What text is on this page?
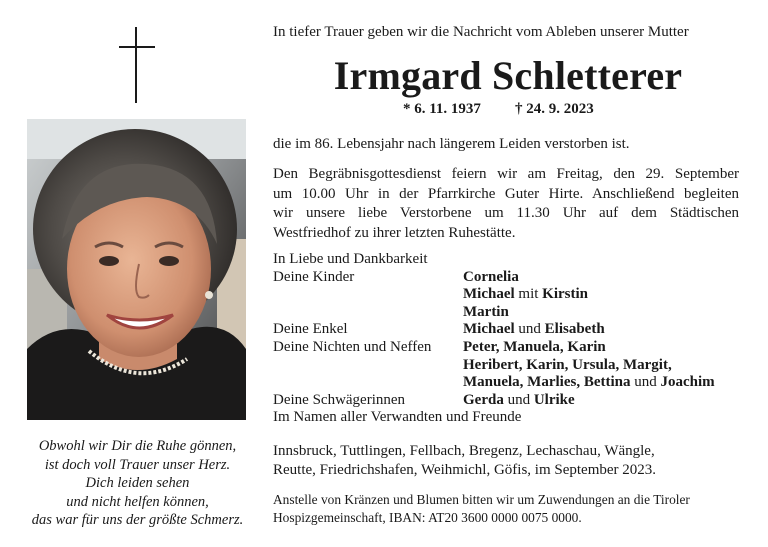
Obwohl wir Dir die Ruhe gönnen,
ist doch voll Trauer unser Herz.
Dich leiden sehen
und nicht helfen können,
das war für uns der größte Schmerz.
In tiefer Trauer geben wir die Nachricht vom Ableben unserer Mutter
Irmgard Schletterer
* 6. 11. 1937 † 24. 9. 2023
die im 86. Lebensjahr nach längerem Leiden verstorben ist.
Den Begräbnisgottesdienst feiern wir am Freitag, den 29. September
um 10.00 Uhr in der Pfarrkirche Guter Hirte. Anschließend begleiten
wir unsere liebe Verstorbene um 11.30 Uhr auf dem Städtischen
Westfriedhof zu ihrer letzten Ruhestätte.
In Liebe und Dankbarkeit
Deine Kinder	Cornelia
Michael mit Kirstin
Martin
Deine Enkel	Michael und Elisabeth
Deine Nichten und Neffen Peter, Manuela, Karin
Heribert, Karin, Ursula, Margit,
Manuela, Marlies, Bettina und Joachim
Deine Schwägerinnen	Gerda und Ulrike
Im Namen aller Verwandten und Freunde
Innsbruck, Tuttlingen, Fellbach, Bregenz, Lechaschau, Wängle,
Reutte, Friedrichshafen, Weihmichl, Göfis, im September 2023.
Anstelle von Kränzen und Blumen bitten wir um Zuwendungen an die Tiroler
Hospizgemeinschaft, IBAN: AT20 3600 0000 0075 0000.
